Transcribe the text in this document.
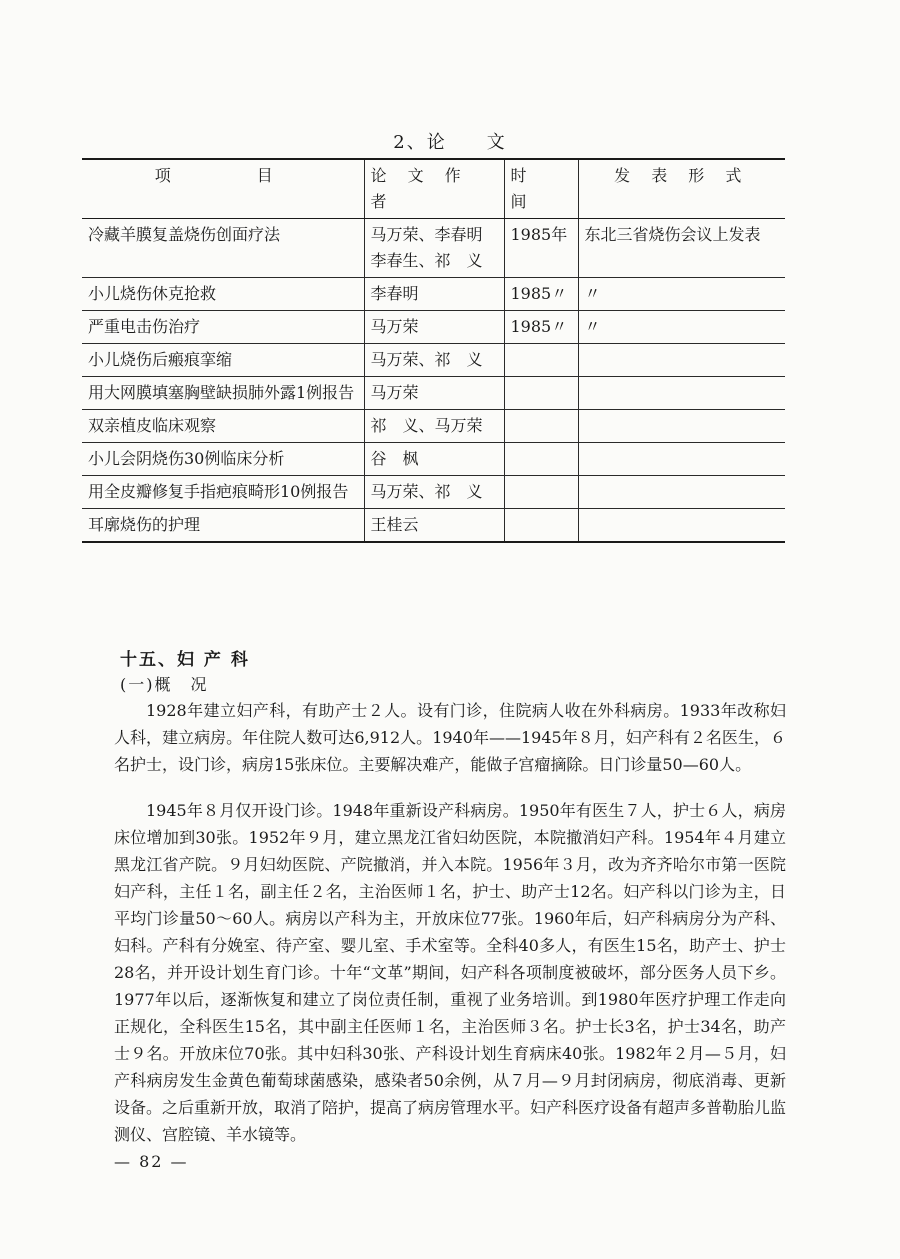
2、论　　文
项　　目	论 文 作 者	时 间	发 表 形 式
冷藏羊膜复盖烧伤创面疗法	马万荣、李春明李春生、祁　义	1985年	东北三省烧伤会议上发表
小儿烧伤休克抢救	李春明	1985〃	〃
严重电击伤治疗	马万荣	1985〃	〃
小儿烧伤后瘢痕挛缩	马万荣、祁　义		
用大网膜填塞胸壁缺损肺外露1例报告	马万荣		
双亲植皮临床观察	祁　义、马万荣		
小儿会阴烧伤30例临床分析	谷　枫		
用全皮瓣修复手指疤痕畸形10例报告	马万荣、祁　义		
耳廓烧伤的护理	王桂云		
十五、妇 产 科
(一)概　况

1928年建立妇产科，有助产士２人。设有门诊，住院病人收在外科病房。1933年改称妇人科，建立病房。年住院人数可达6,912人。1940年——1945年８月，妇产科有２名医生，６名护士，设门诊，病房15张床位。主要解决难产，能做子宫瘤摘除。日门诊量50—60人。

1945年８月仅开设门诊。1948年重新设产科病房。1950年有医生７人，护士６人，病房床位增加到30张。1952年９月，建立黑龙江省妇幼医院，本院撤消妇产科。1954年４月建立黑龙江省产院。９月妇幼医院、产院撤消，并入本院。1956年３月，改为齐齐哈尔市第一医院妇产科，主任１名，副主任２名，主治医师１名，护士、助产士12名。妇产科以门诊为主，日平均门诊量50～60人。病房以产科为主，开放床位77张。1960年后，妇产科病房分为产科、妇科。产科有分娩室、待产室、婴儿室、手术室等。全科40多人，有医生15名，助产士、护士28名，并开设计划生育门诊。十年“文革”期间，妇产科各项制度被破坏，部分医务人员下乡。1977年以后，逐渐恢复和建立了岗位责任制，重视了业务培训。到1980年医疗护理工作走向正规化，全科医生15名，其中副主任医师１名，主治医师３名。护士长3名，护士34名，助产士９名。开放床位70张。其中妇科30张、产科设计划生育病床40张。1982年２月—５月，妇产科病房发生金黄色葡萄球菌感染，感染者50余例，从７月—９月封闭病房，彻底消毒、更新设备。之后重新开放，取消了陪护，提高了病房管理水平。妇产科医疗设备有超声多普勒胎儿监测仪、宫腔镜、羊水镜等。

— 82 —
